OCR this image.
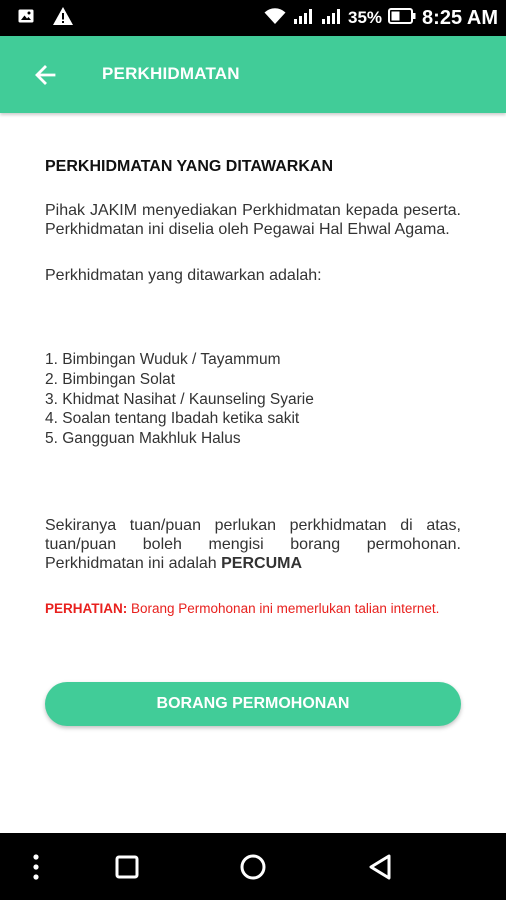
35% 8:25 AM
PERKHIDMATAN
PERKHIDMATAN YANG DITAWARKAN
Pihak JAKIM menyediakan Perkhidmatan kepada peserta. Perkhidmatan ini diselia oleh Pegawai Hal Ehwal Agama.
Perkhidmatan yang ditawarkan adalah:
1. Bimbingan Wuduk / Tayammum
2. Bimbingan Solat
3. Khidmat Nasihat / Kaunseling Syarie
4. Soalan tentang Ibadah ketika sakit
5. Gangguan Makhluk Halus
Sekiranya tuan/puan perlukan perkhidmatan di atas, tuan/puan boleh mengisi borang permohonan. Perkhidmatan ini adalah PERCUMA
PERHATIAN: Borang Permohonan ini memerlukan talian internet.
BORANG PERMOHONAN
